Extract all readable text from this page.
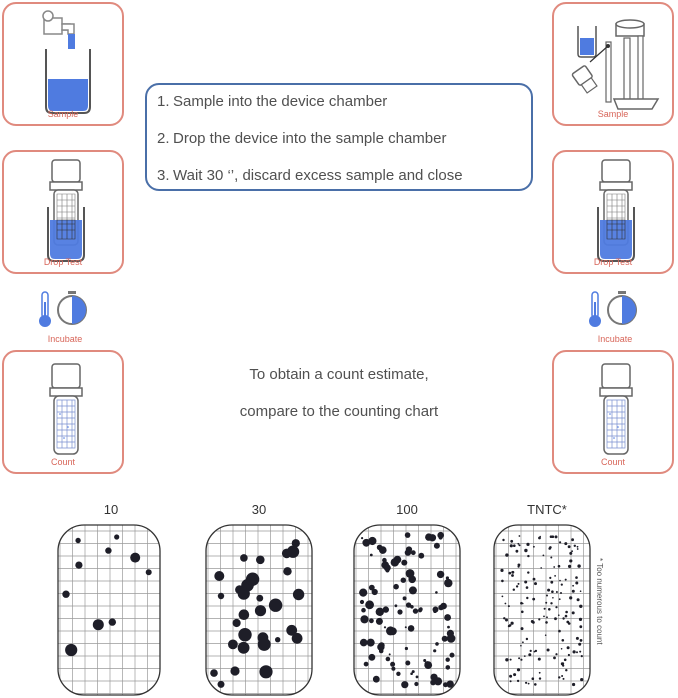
Sample
Drop Test
Incubate
Count
Sample
Drop Test
Incubate
Count
1. Sample into the device chamber
2. Drop the device into the sample chamber
3. Wait 30 ‘’, discard excess sample and close
To obtain a count estimate,
compare to the counting chart
10	30	100	TNTC*
* Too numerous to count
